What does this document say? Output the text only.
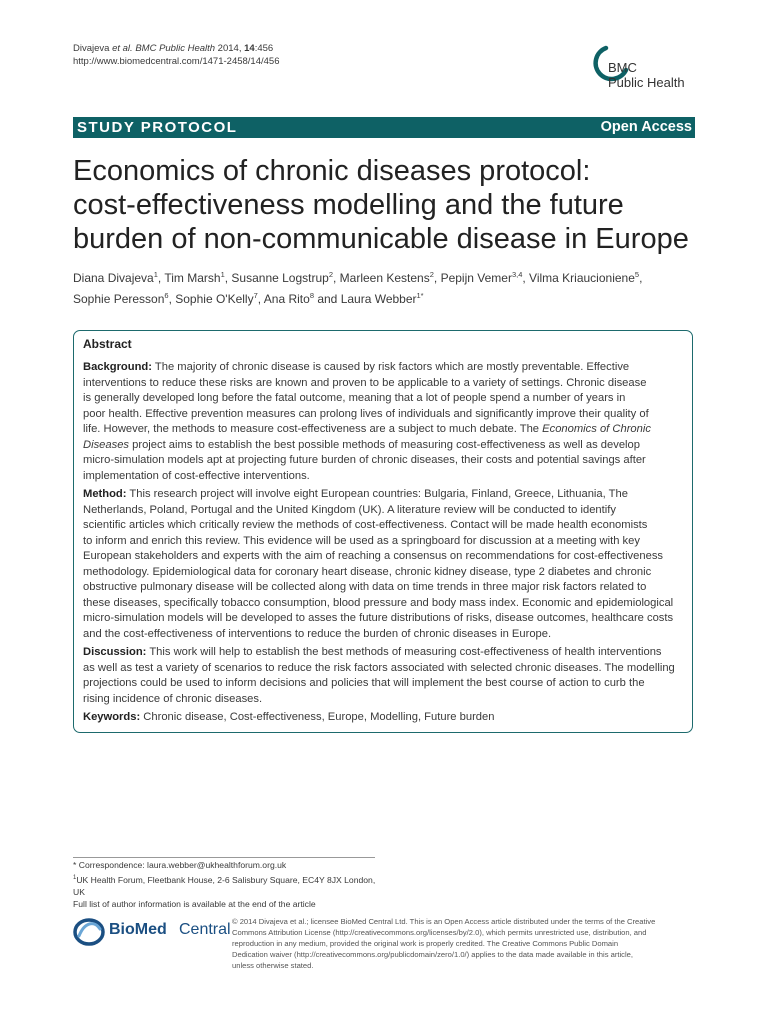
Divajeva et al. BMC Public Health 2014, 14:456
http://www.biomedcentral.com/1471-2458/14/456	BMC
Public Health
STUDY PROTOCOL	Open Access
Economics of chronic diseases protocol:
cost-effectiveness modelling and the future
burden of non-communicable disease in Europe
Diana Divajeva$^1$, Tim Marsh$^1$, Susanne Logstrup$^2$, Marleen Kestens$^2$, Pepijn Vemer$^{3,4}$, Vilma Kriaucioniene$^5$,
Sophie Peresson$^6$, Sophie O'Kelly$^7$, Ana Rito$^8$ and Laura Webber$^{1*}$
Abstract
Background: The majority of chronic disease is caused by risk factors which are mostly preventable. Effective
interventions to reduce these risks are known and proven to be applicable to a variety of settings. Chronic disease
is generally developed long before the fatal outcome, meaning that a lot of people spend a number of years in
poor health. Effective prevention measures can prolong lives of individuals and significantly improve their quality of
life. However, the methods to measure cost-effectiveness are a subject to much debate. The Economics of Chronic
Diseases project aims to establish the best possible methods of measuring cost-effectiveness as well as develop
micro-simulation models apt at projecting future burden of chronic diseases, their costs and potential savings after
implementation of cost-effective interventions.
Method: This research project will involve eight European countries: Bulgaria, Finland, Greece, Lithuania, The
Netherlands, Poland, Portugal and the United Kingdom (UK). A literature review will be conducted to identify
scientific articles which critically review the methods of cost-effectiveness. Contact will be made health economists
to inform and enrich this review. This evidence will be used as a springboard for discussion at a meeting with key
European stakeholders and experts with the aim of reaching a consensus on recommendations for cost-effectiveness
methodology. Epidemiological data for coronary heart disease, chronic kidney disease, type 2 diabetes and chronic
obstructive pulmonary disease will be collected along with data on time trends in three major risk factors related to
these diseases, specifically tobacco consumption, blood pressure and body mass index. Economic and epidemiological
micro-simulation models will be developed to asses the future distributions of risks, disease outcomes, healthcare costs
and the cost-effectiveness of interventions to reduce the burden of chronic diseases in Europe.
Discussion: This work will help to establish the best methods of measuring cost-effectiveness of health interventions
as well as test a variety of scenarios to reduce the risk factors associated with selected chronic diseases. The modelling
projections could be used to inform decisions and policies that will implement the best course of action to curb the
rising incidence of chronic diseases.
Keywords: Chronic disease, Cost-effectiveness, Europe, Modelling, Future burden
* Correspondence: laura.webber@ukhealthforum.org.uk
$^1$UK Health Forum, Fleetbank House, 2-6 Salisbury Square, EC4Y 8JX London,
UK
Full list of author information is available at the end of the article
BioMed Central © 2014 Divajeva et al.; licensee BioMed Central Ltd. This is an Open Access article distributed under the terms of the Creative
Commons Attribution License (http://creativecommons.org/licenses/by/2.0), which permits unrestricted use, distribution, and
reproduction in any medium, provided the original work is properly credited. The Creative Commons Public Domain
Dedication waiver (http://creativecommons.org/publicdomain/zero/1.0/) applies to the data made available in this article,
unless otherwise stated.
